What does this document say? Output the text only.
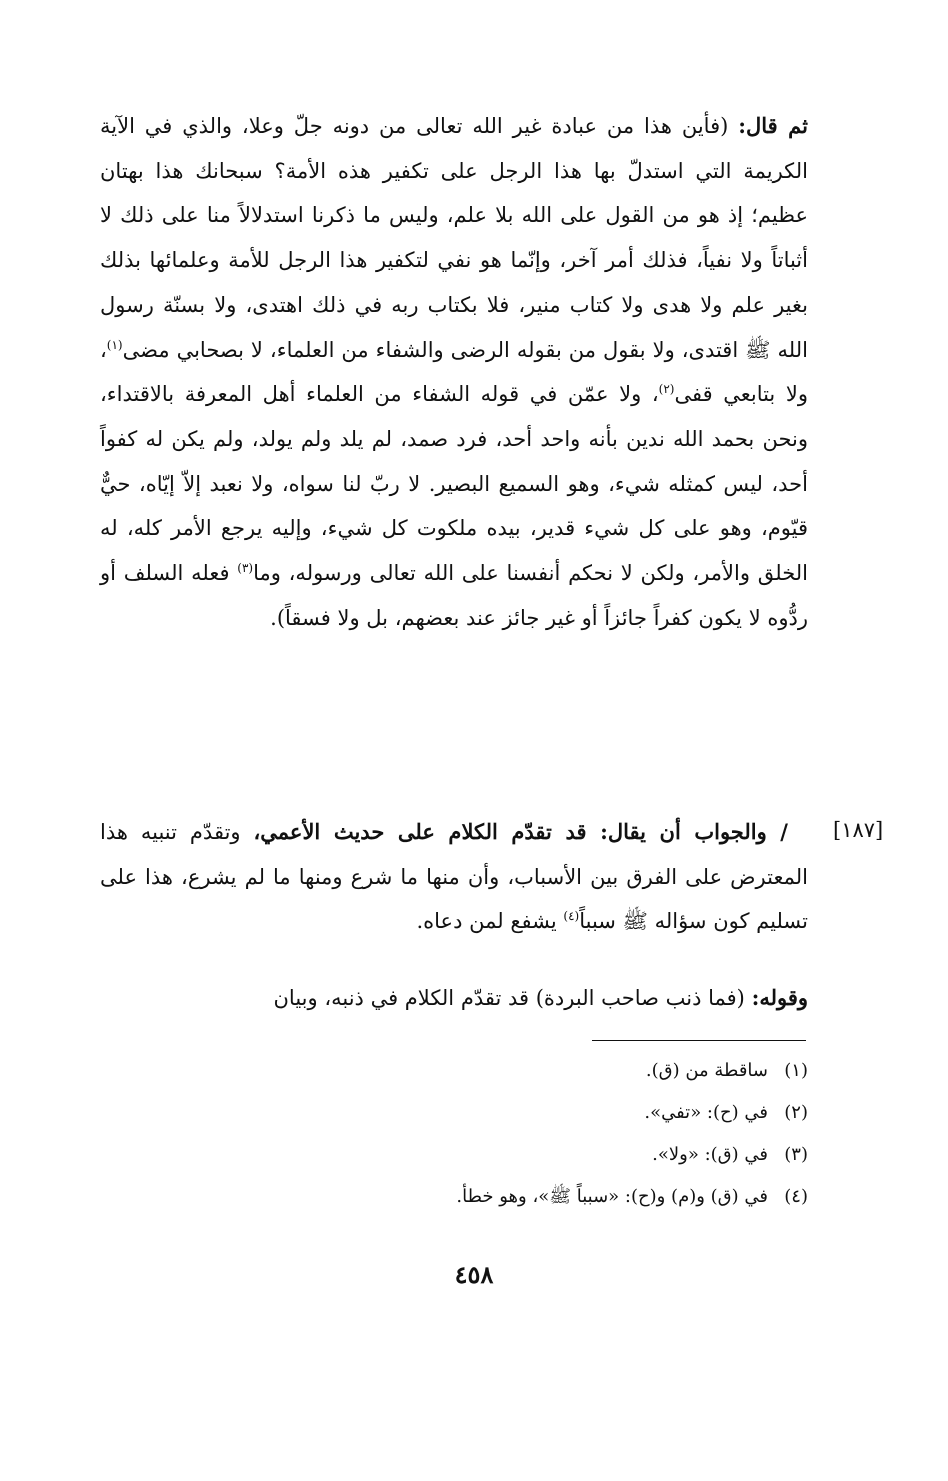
ثم قال: (فأين هذا من عبادة غير الله تعالى من دونه جلّ وعلا، والذي في الآية الكريمة التي استدلّ بها هذا الرجل على تكفير هذه الأمة؟ سبحانك هذا بهتان عظيم؛ إذ هو من القول على الله بلا علم، وليس ما ذكرنا استدلالاً منا على ذلك لا أثباتاً ولا نفياً، فذلك أمر آخر، وإنّما هو نفي لتكفير هذا الرجل للأمة وعلمائها بذلك بغير علم ولا هدى ولا كتاب منير، فلا بكتاب ربه في ذلك اهتدى، ولا بسنّة رسول الله ﷺ اقتدى، ولا بقول من بقوله الرضى والشفاء من العلماء، لا بصحابي مضى$^{(١)}$، ولا بتابعي قفى$^{(٢)}$، ولا عمّن في قوله الشفاء من العلماء أهل المعرفة بالاقتداء، ونحن بحمد الله ندين بأنه واحد أحد، فرد صمد، لم يلد ولم يولد، ولم يكن له كفواً أحد، ليس كمثله شيء، وهو السميع البصير. لا ربّ لنا سواه، ولا نعبد إلاّ إيّاه، حيٌّ قيّوم، وهو على كل شيء قدير، بيده ملكوت كل شيء، وإليه يرجع الأمر كله، له الخلق والأمر، ولكن لا نحكم أنفسنا على الله تعالى ورسوله، وما$^{(٣)}$ فعله السلف أو ردُّوه لا يكون كفراً جائزاً أو غير جائز عند بعضهم، بل ولا فسقاً).

[١٨٧]

/ والجواب أن يقال: قد تقدّم الكلام على حديث الأعمي، وتقدّم تنبيه هذا المعترض على الفرق بين الأسباب، وأن منها ما شرع ومنها ما لم يشرع، هذا على تسليم كون سؤاله ﷺ سبباً$^{(٤)}$ يشفع لمن دعاه.

وقوله: (فما ذنب صاحب البردة) قد تقدّم الكلام في ذنبه، وبيان

(١)ساقطة من (ق).
(٢)في (ح): «تفي».
(٣)في (ق): «ولا».
(٤)في (ق) و(م) و(ح): «سبباً ﷺ»، وهو خطأ.
٤٥٨
